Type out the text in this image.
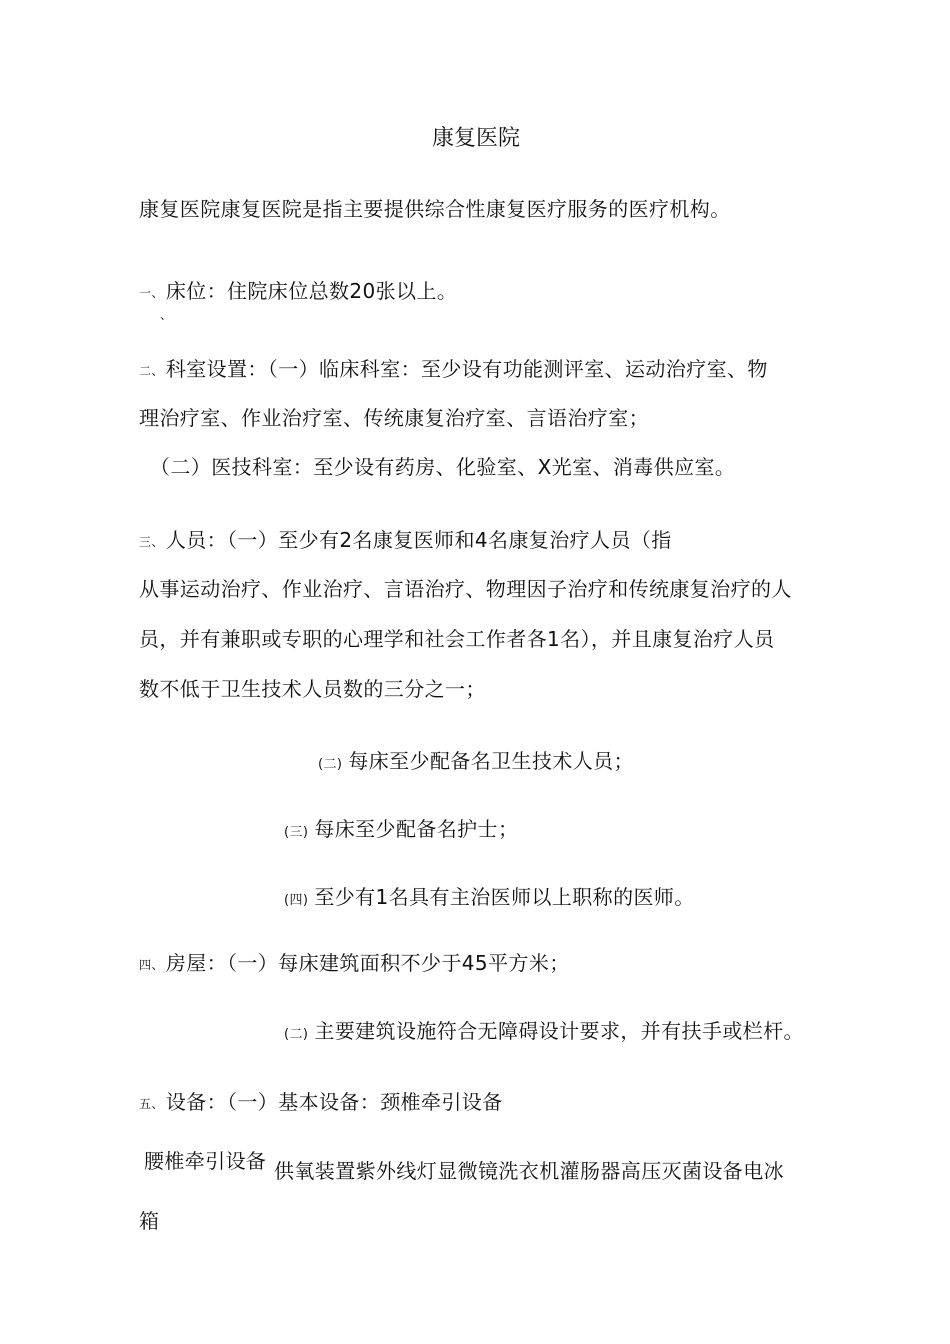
康复医院
康复医院康复医院是指主要提供综合性康复医疗服务的医疗机构。
一、 床位：住院床位总数20张以上。
、
二、 科室设置：（一）临床科室：至少设有功能测评室、运动治疗室、物
理治疗室、作业治疗室、传统康复治疗室、言语治疗室；
（二）医技科室：至少设有药房、化验室、X光室、消毒供应室。
三、 人员：（一）至少有2名康复医师和4名康复治疗人员（指
从事运动治疗、作业治疗、言语治疗、物理因子治疗和传统康复治疗的人
员，并有兼职或专职的心理学和社会工作者各1名），并且康复治疗人员
数不低于卫生技术人员数的三分之一；
(二) 每床至少配备名卫生技术人员；
(三) 每床至少配备名护士；
(四) 至少有1名具有主治医师以上职称的医师。
四、 房屋：（一）每床建筑面积不少于45平方米；
(二) 主要建筑设施符合无障碍设计要求，并有扶手或栏杆。
五、 设备：（一）基本设备：颈椎牵引设备
腰椎牵引设备 供氧装置紫外线灯显微镜洗衣机灌肠器高压灭菌设备电冰
箱
